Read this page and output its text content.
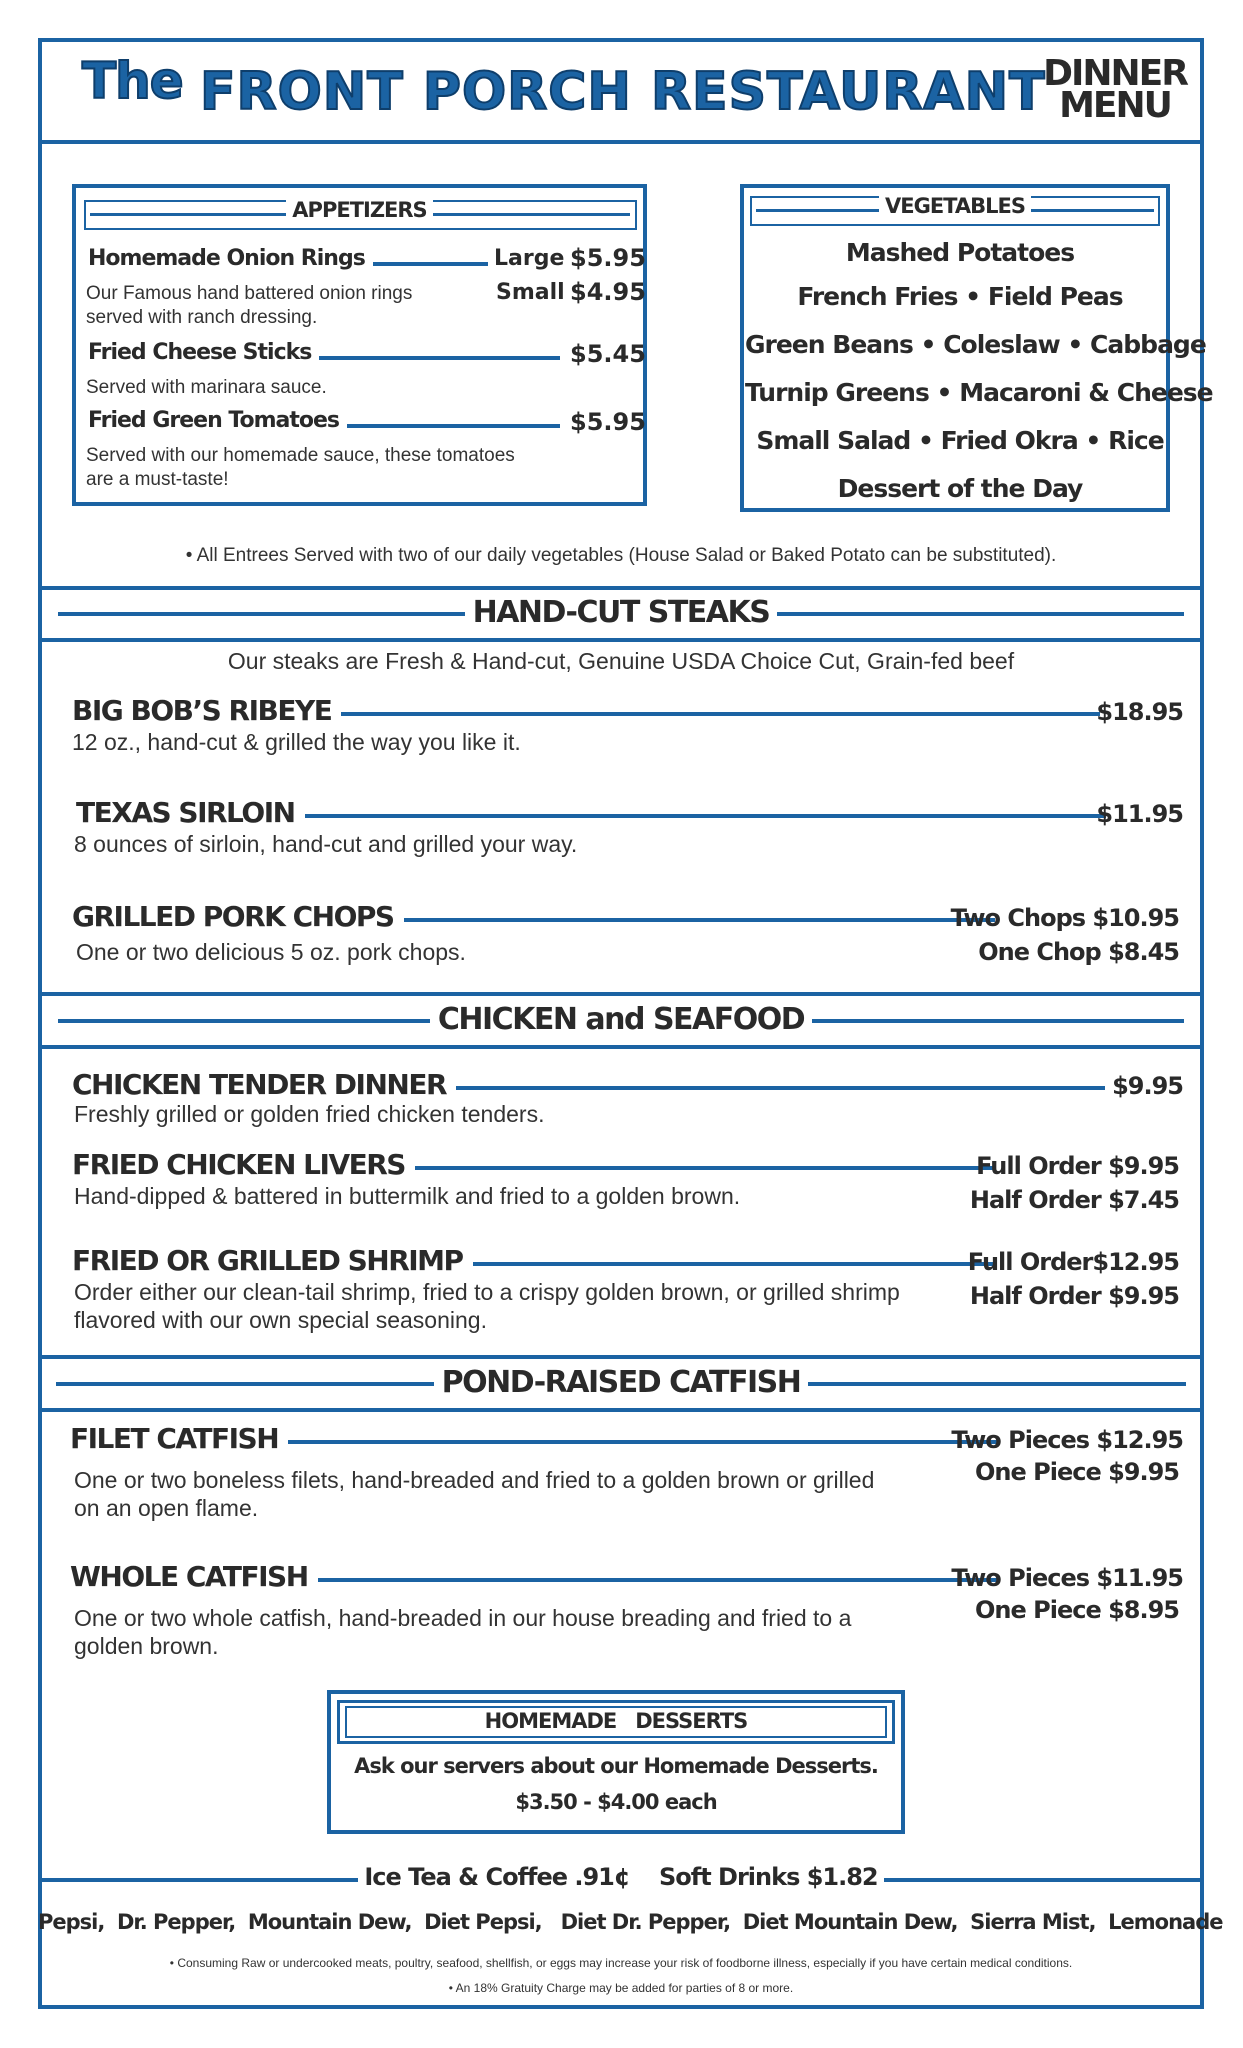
The FRONT PORCH RESTAURANT
DINNER
MENU
APPETIZERS
Homemade Onion Rings	Large $5.95
Small $4.95
Our Famous hand battered onion rings
served with ranch dressing.
Fried Cheese Sticks	$5.45
Served with marinara sauce.
Fried Green Tomatoes	$5.95
Served with our homemade sauce, these tomatoes
are a must-taste!
VEGETABLES
Mashed Potatoes
French Fries • Field Peas
Green Beans • Coleslaw • Cabbage
Turnip Greens • Macaroni & Cheese
Small Salad • Fried Okra • Rice
Dessert of the Day
• All Entrees Served with two of our daily vegetables (House Salad or Baked Potato can be substituted).
HAND-CUT STEAKS
Our steaks are Fresh & Hand-cut, Genuine USDA Choice Cut, Grain-fed beef
BIG BOB’S RIBEYE	$18.95
12 oz., hand-cut & grilled the way you like it.
TEXAS SIRLOIN	$11.95
8 ounces of sirloin, hand-cut and grilled your way.
GRILLED PORK CHOPS	Two Chops $10.95
One Chop $8.45
One or two delicious 5 oz. pork chops.
CHICKEN and SEAFOOD
CHICKEN TENDER DINNER	$9.95
Freshly grilled or golden fried chicken tenders.
FRIED CHICKEN LIVERS	Full Order $9.95
Half Order $7.45
Hand-dipped & battered in buttermilk and fried to a golden brown.
FRIED OR GRILLED SHRIMP	Full Order$12.95
Half Order $9.95
Order either our clean-tail shrimp, fried to a crispy golden brown, or grilled shrimp
flavored with our own special seasoning.
POND-RAISED CATFISH
FILET CATFISH	Two Pieces $12.95
One Piece $9.95
One or two boneless filets, hand-breaded and fried to a golden brown or grilled
on an open flame.
WHOLE CATFISH	Two Pieces $11.95
One Piece $8.95
One or two whole catfish, hand-breaded in our house breading and fried to a
golden brown.
HOMEMADE   DESSERTS
Ask our servers about our Homemade Desserts.
$3.50 - $4.00 each
Ice Tea & Coffee .91¢    Soft Drinks $1.82
Pepsi,  Dr. Pepper,  Mountain Dew,  Diet Pepsi,   Diet Dr. Pepper,  Diet Mountain Dew,  Sierra Mist,  Lemonade
• Consuming Raw or undercooked meats, poultry, seafood, shellfish, or eggs may increase your risk of foodborne illness, especially if you have certain medical conditions.
• An 18% Gratuity Charge may be added for parties of 8 or more.
